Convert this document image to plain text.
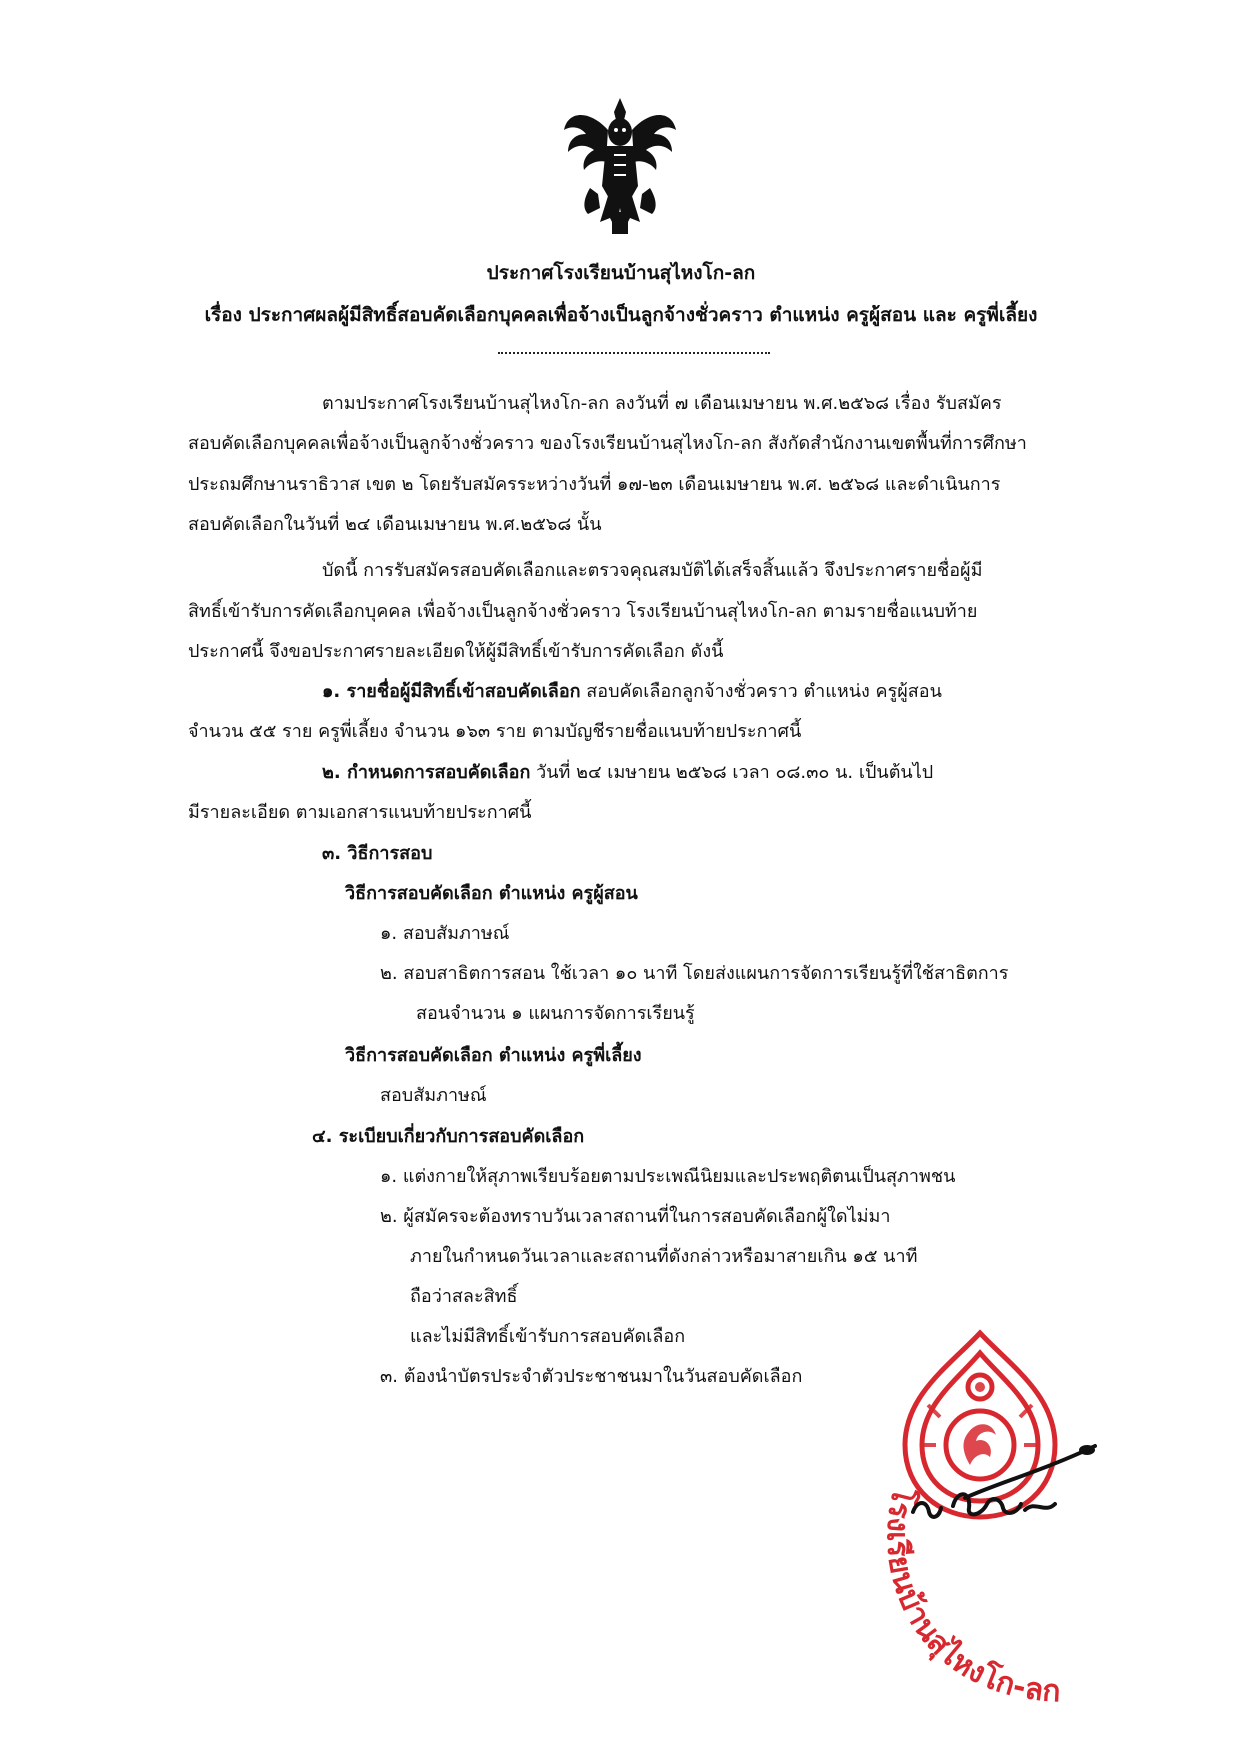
ประกาศโรงเรียนบ้านสุไหงโก-ลก
เรื่อง ประกาศผลผู้มีสิทธิ์สอบคัดเลือกบุคคลเพื่อจ้างเป็นลูกจ้างชั่วคราว ตำแหน่ง ครูผู้สอน และ ครูพี่เลี้ยง
ตามประกาศโรงเรียนบ้านสุไหงโก-ลก ลงวันที่ ๗ เดือนเมษายน พ.ศ.๒๕๖๘ เรื่อง รับสมัคร
สอบคัดเลือกบุคคลเพื่อจ้างเป็นลูกจ้างชั่วคราว ของโรงเรียนบ้านสุไหงโก-ลก สังกัดสำนักงานเขตพื้นที่การศึกษา
ประถมศึกษานราธิวาส เขต ๒ โดยรับสมัครระหว่างวันที่ ๑๗-๒๓ เดือนเมษายน พ.ศ. ๒๕๖๘ และดำเนินการ
สอบคัดเลือกในวันที่ ๒๔ เดือนเมษายน พ.ศ.๒๕๖๘ นั้น
บัดนี้ การรับสมัครสอบคัดเลือกและตรวจคุณสมบัติได้เสร็จสิ้นแล้ว จึงประกาศรายชื่อผู้มี
สิทธิ์เข้ารับการคัดเลือกบุคคล เพื่อจ้างเป็นลูกจ้างชั่วคราว โรงเรียนบ้านสุไหงโก-ลก ตามรายชื่อแนบท้าย
ประกาศนี้ จึงขอประกาศรายละเอียดให้ผู้มีสิทธิ์เข้ารับการคัดเลือก ดังนี้
๑. รายชื่อผู้มีสิทธิ์เข้าสอบคัดเลือก สอบคัดเลือกลูกจ้างชั่วคราว ตำแหน่ง ครูผู้สอน
จำนวน ๕๕ ราย ครูพี่เลี้ยง จำนวน ๑๖๓ ราย ตามบัญชีรายชื่อแนบท้ายประกาศนี้
๒. กำหนดการสอบคัดเลือก วันที่ ๒๔ เมษายน ๒๕๖๘ เวลา ๐๘.๓๐ น. เป็นต้นไป
มีรายละเอียด ตามเอกสารแนบท้ายประกาศนี้
๓. วิธีการสอบ
วิธีการสอบคัดเลือก ตำแหน่ง ครูผู้สอน
๑. สอบสัมภาษณ์
๒. สอบสาธิตการสอน ใช้เวลา ๑๐ นาที โดยส่งแผนการจัดการเรียนรู้ที่ใช้สาธิตการ
สอนจำนวน ๑ แผนการจัดการเรียนรู้
วิธีการสอบคัดเลือก ตำแหน่ง ครูพี่เลี้ยง
สอบสัมภาษณ์
๔. ระเบียบเกี่ยวกับการสอบคัดเลือก
๑. แต่งกายให้สุภาพเรียบร้อยตามประเพณีนิยมและประพฤติตนเป็นสุภาพชน
๒. ผู้สมัครจะต้องทราบวันเวลาสถานที่ในการสอบคัดเลือกผู้ใดไม่มา
ภายในกำหนดวันเวลาและสถานที่ดังกล่าวหรือมาสายเกิน ๑๕ นาที
ถือว่าสละสิทธิ์
และไม่มีสิทธิ์เข้ารับการสอบคัดเลือก
๓. ต้องนำบัตรประจำตัวประชาชนมาในวันสอบคัดเลือก
โรงเรียนบ้านสุไหงโก-ลก
